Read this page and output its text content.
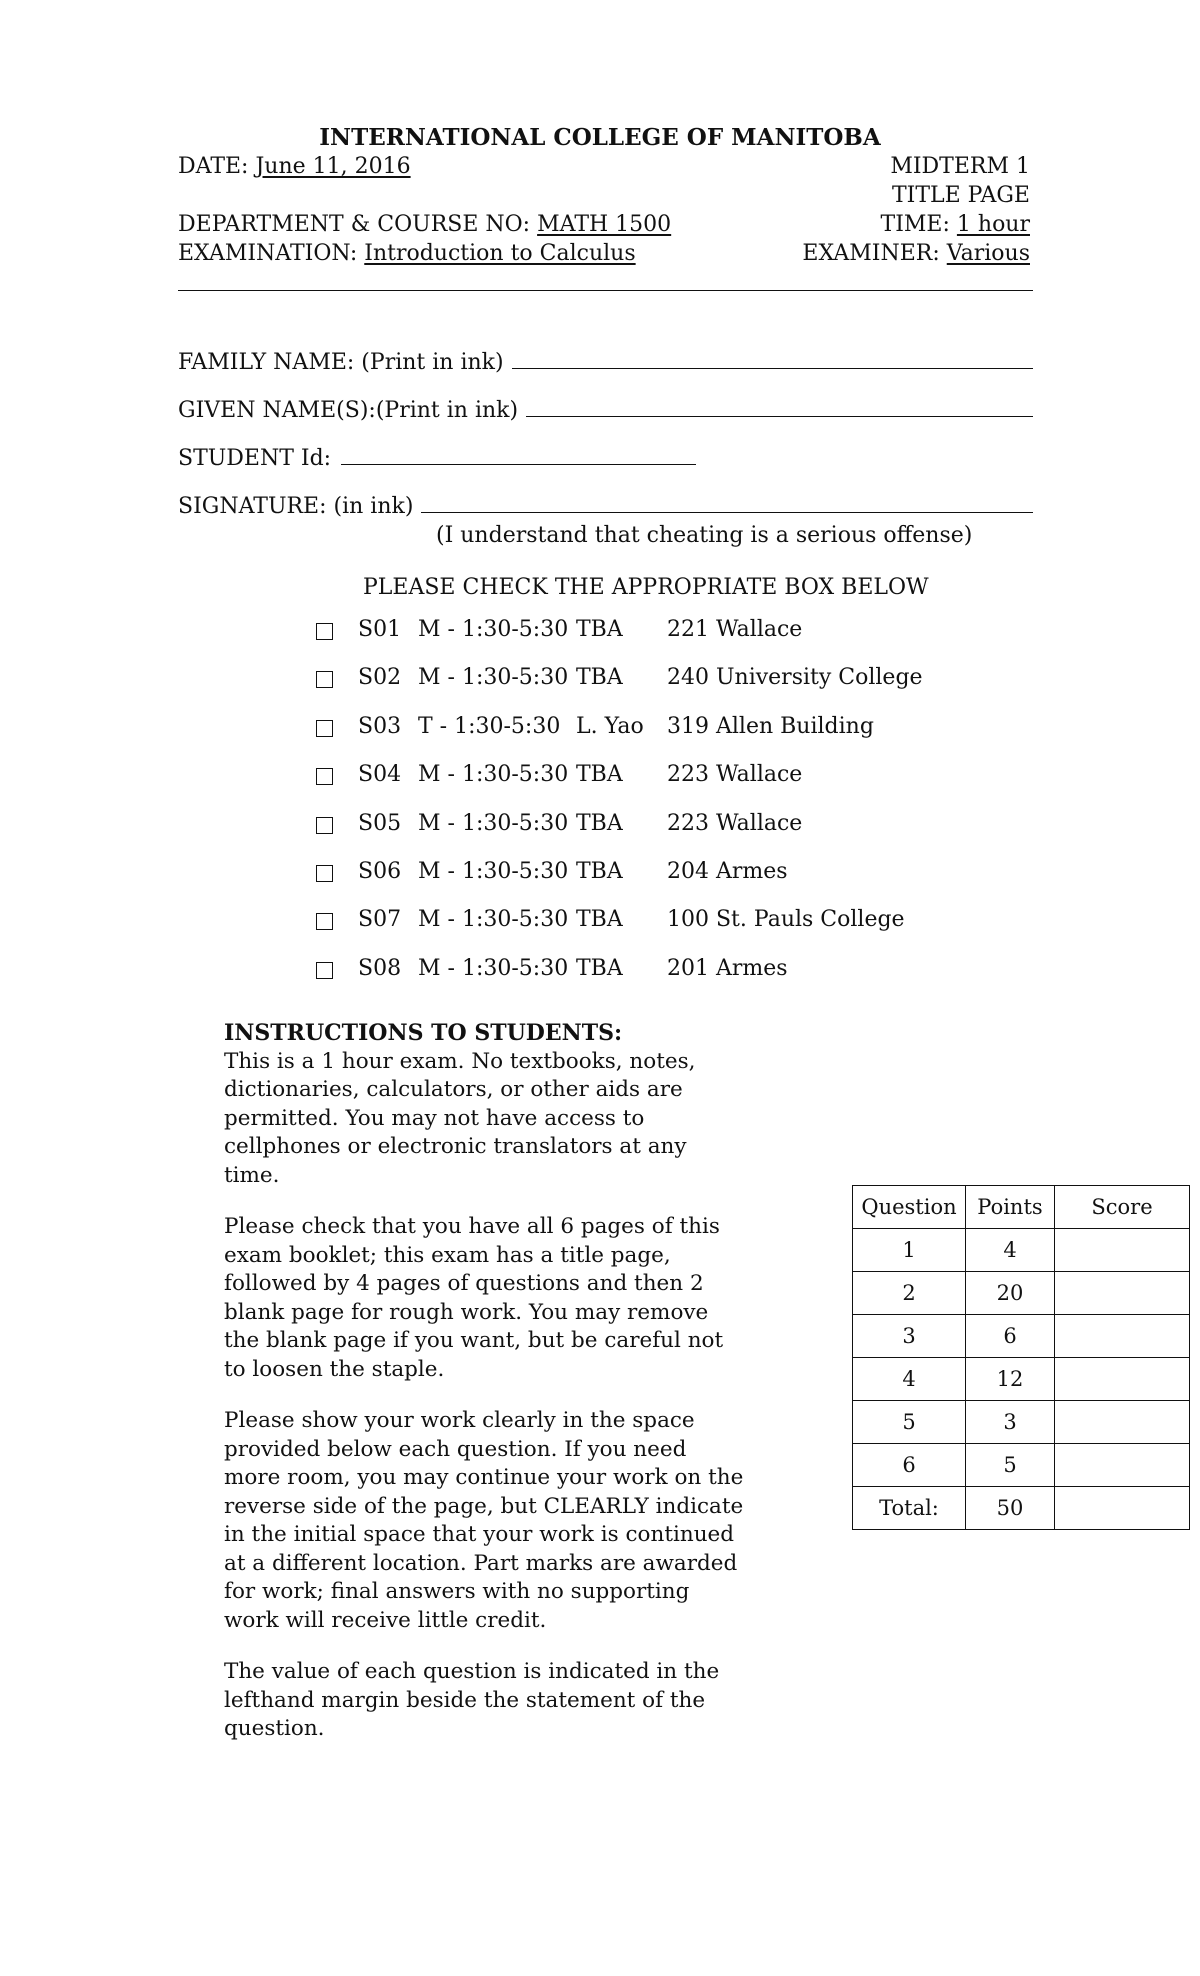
INTERNATIONAL COLLEGE OF MANITOBA
DATE: June 11, 2016	MIDTERM 1
TITLE PAGE
DEPARTMENT & COURSE NO: MATH 1500	TIME: 1 hour
EXAMINATION: Introduction to Calculus	EXAMINER: Various
FAMILY NAME: (Print in ink)
GIVEN NAME(S):(Print in ink)
STUDENT Id:
SIGNATURE: (in ink)
(I understand that cheating is a serious offense)
PLEASE CHECK THE APPROPRIATE BOX BELOW
S01 M - 1:30-5:30 TBA 221 Wallace
S02 M - 1:30-5:30 TBA 240 University College
S03 T - 1:30-5:30 L. Yao 319 Allen Building
S04 M - 1:30-5:30 TBA 223 Wallace
S05 M - 1:30-5:30 TBA 223 Wallace
S06 M - 1:30-5:30 TBA 204 Armes
S07 M - 1:30-5:30 TBA 100 St. Pauls College
S08 M - 1:30-5:30 TBA 201 Armes
INSTRUCTIONS TO STUDENTS:

This is a 1 hour exam. No textbooks, notes, dictionaries, calculators, or other aids are permitted. You may not have access to cellphones or electronic translators at any time.

Please check that you have all 6 pages of this exam booklet; this exam has a title page, followed by 4 pages of questions and then 2 blank page for rough work. You may remove the blank page if you want, but be careful not to loosen the staple.

Please show your work clearly in the space provided below each question. If you need more room, you may continue your work on the reverse side of the page, but CLEARLY indicate in the initial space that your work is continued at a different location. Part marks are awarded for work; final answers with no supporting work will receive little credit.

The value of each question is indicated in the lefthand margin beside the statement of the question.

Question	Points	Score
1	4	
2	20	
3	6	
4	12	
5	3	
6	5	
Total:	50	
